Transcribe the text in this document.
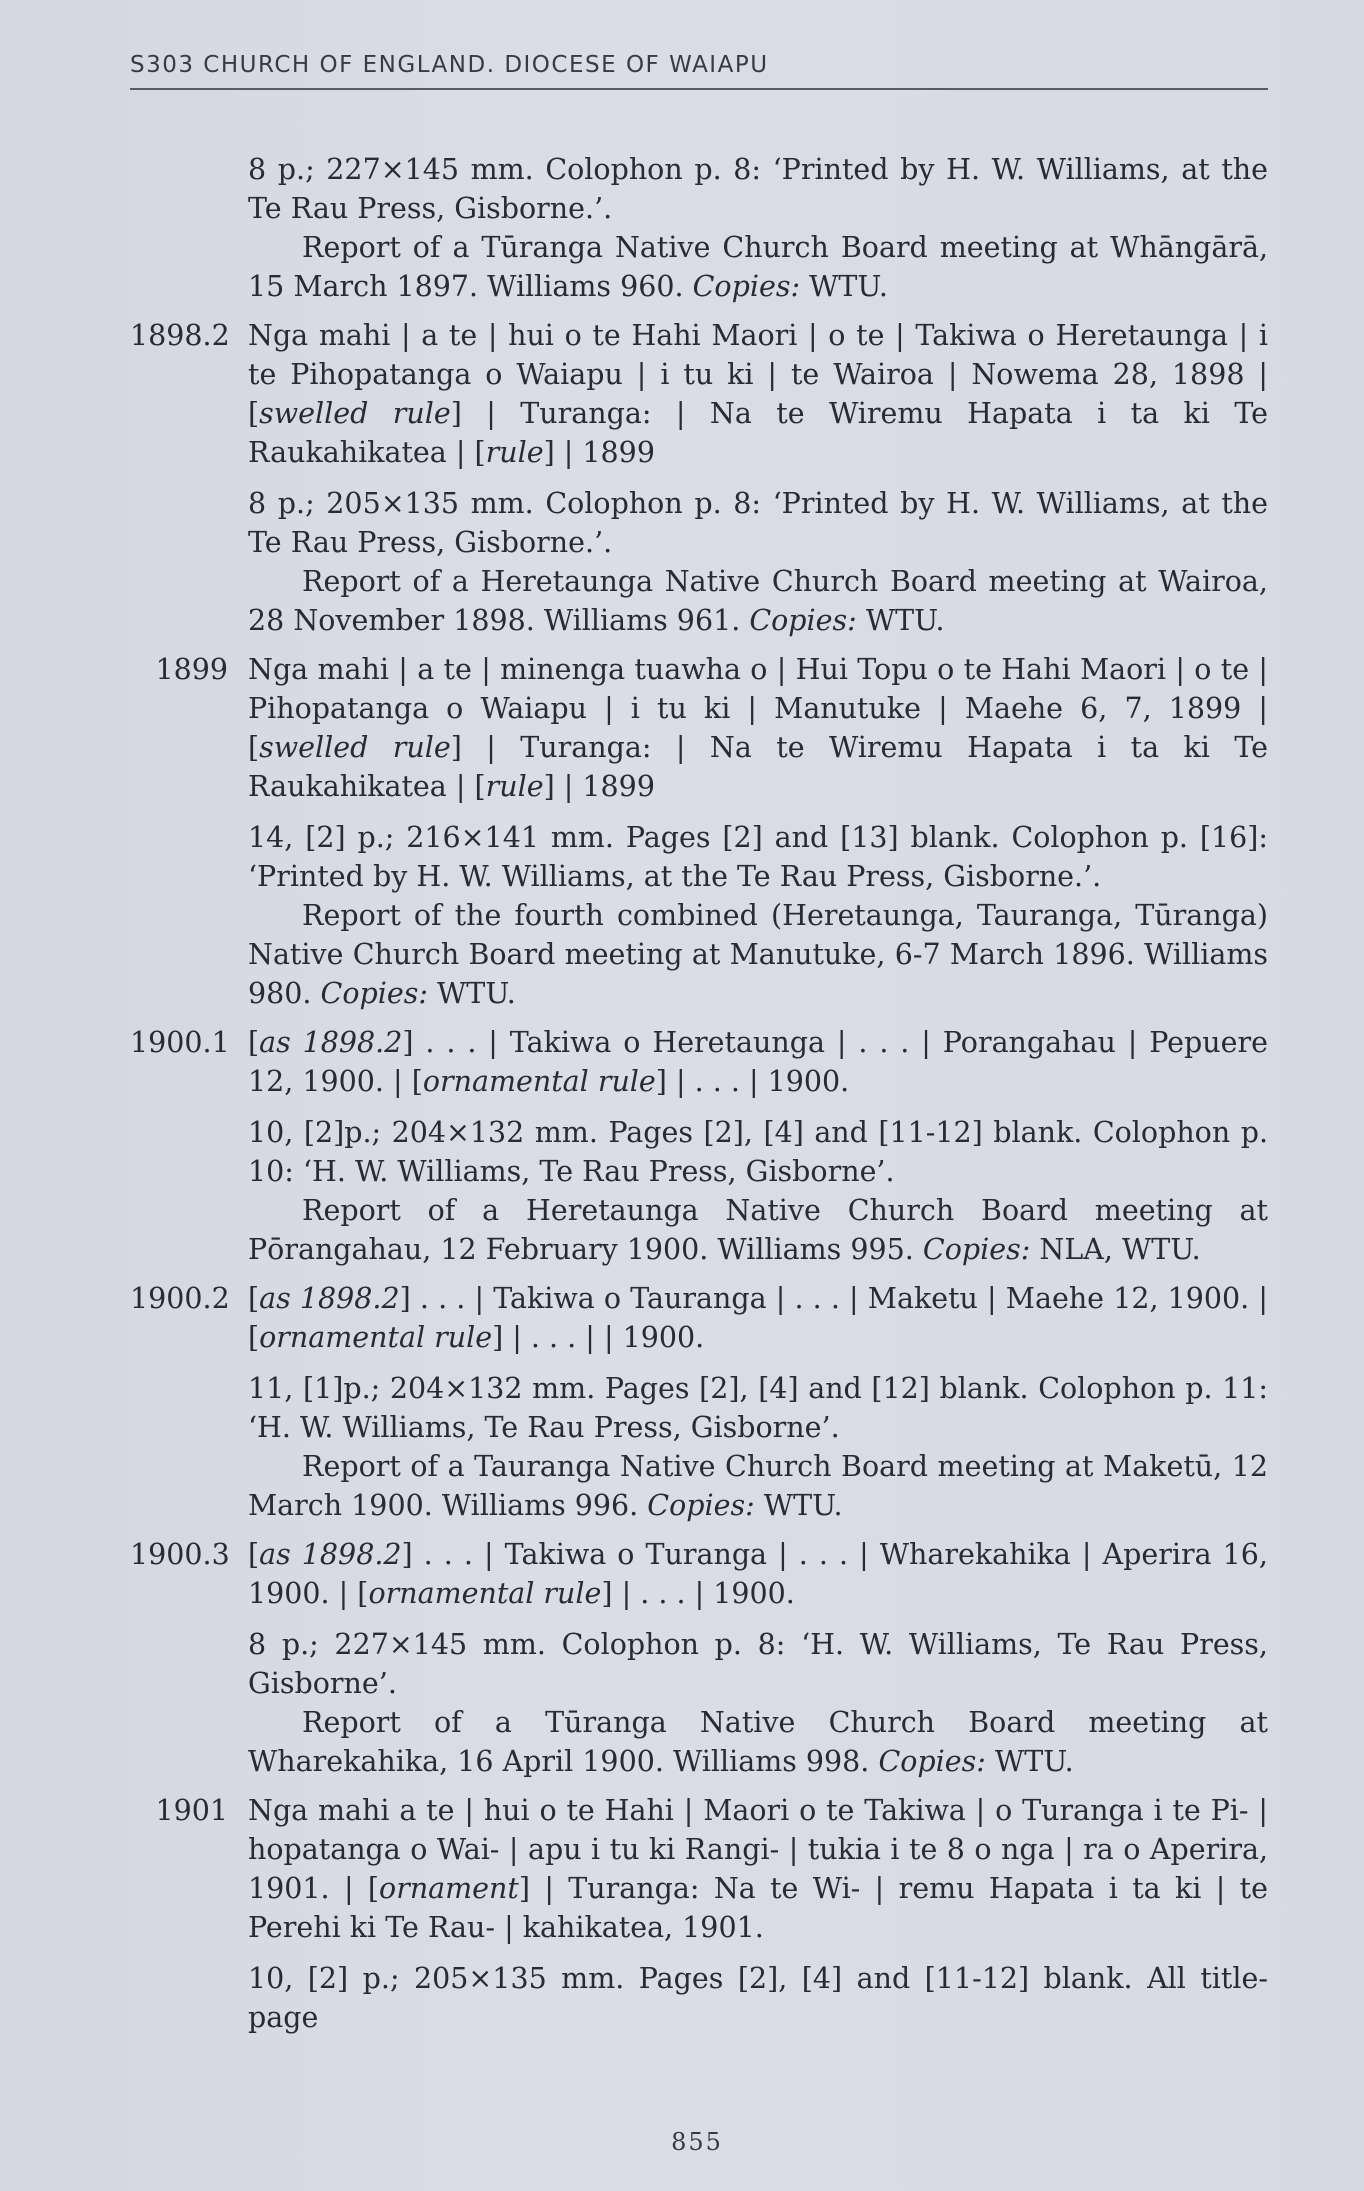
S303 CHURCH OF ENGLAND. DIOCESE OF WAIAPU
8 p.; 227×145 mm. Colophon p. 8: ‘Printed by H. W. Williams, at the Te Rau Press, Gisborne.’.
Report of a Tūranga Native Church Board meeting at Whāngārā, 15 March 1897. Williams 960. Copies: WTU.
1898.2 Nga mahi | a te | hui o te Hahi Maori | o te | Takiwa o Heretaunga | i te Pihopatanga o Waiapu | i tu ki | te Wairoa | Nowema 28, 1898 | [swelled rule] | Turanga: | Na te Wiremu Hapata i ta ki Te Raukahikatea | [rule] | 1899
8 p.; 205×135 mm. Colophon p. 8: ‘Printed by H. W. Williams, at the Te Rau Press, Gisborne.’.
Report of a Heretaunga Native Church Board meeting at Wairoa, 28 November 1898. Williams 961. Copies: WTU.
1899 Nga mahi | a te | minenga tuawha o | Hui Topu o te Hahi Maori | o te | Pihopatanga o Waiapu | i tu ki | Manutuke | Maehe 6, 7, 1899 | [swelled rule] | Turanga: | Na te Wiremu Hapata i ta ki Te Raukahikatea | [rule] | 1899
14, [2] p.; 216×141 mm. Pages [2] and [13] blank. Colophon p. [16]: ‘Printed by H. W. Williams, at the Te Rau Press, Gisborne.’.
Report of the fourth combined (Heretaunga, Tauranga, Tūranga) Native Church Board meeting at Manutuke, 6-7 March 1896. Williams 980. Copies: WTU.
1900.1 [as 1898.2] . . . | Takiwa o Heretaunga | . . . | Porangahau | Pepuere 12, 1900. | [ornamental rule] | . . . | 1900.
10, [2]p.; 204×132 mm. Pages [2], [4] and [11-12] blank. Colophon p. 10: ‘H. W. Williams, Te Rau Press, Gisborne’.
Report of a Heretaunga Native Church Board meeting at Pōrangahau, 12 February 1900. Williams 995. Copies: NLA, WTU.
1900.2 [as 1898.2] . . . | Takiwa o Tauranga | . . . | Maketu | Maehe 12, 1900. | [ornamental rule] | . . . | | 1900.
11, [1]p.; 204×132 mm. Pages [2], [4] and [12] blank. Colophon p. 11: ‘H. W. Williams, Te Rau Press, Gisborne’.
Report of a Tauranga Native Church Board meeting at Maketū, 12 March 1900. Williams 996. Copies: WTU.
1900.3 [as 1898.2] . . . | Takiwa o Turanga | . . . | Wharekahika | Aperira 16, 1900. | [ornamental rule] | . . . | 1900.
8 p.; 227×145 mm. Colophon p. 8: ‘H. W. Williams, Te Rau Press, Gisborne’.
Report of a Tūranga Native Church Board meeting at Wharekahika, 16 April 1900. Williams 998. Copies: WTU.
1901 Nga mahi a te | hui o te Hahi | Maori o te Takiwa | o Turanga i te Pi- | hopatanga o Wai- | apu i tu ki Rangi- | tukia i te 8 o nga | ra o Aperira, 1901. | [ornament] | Turanga: Na te Wi- | remu Hapata i ta ki | te Perehi ki Te Rau- | kahikatea, 1901.
10, [2] p.; 205×135 mm. Pages [2], [4] and [11-12] blank. All title-page
855
